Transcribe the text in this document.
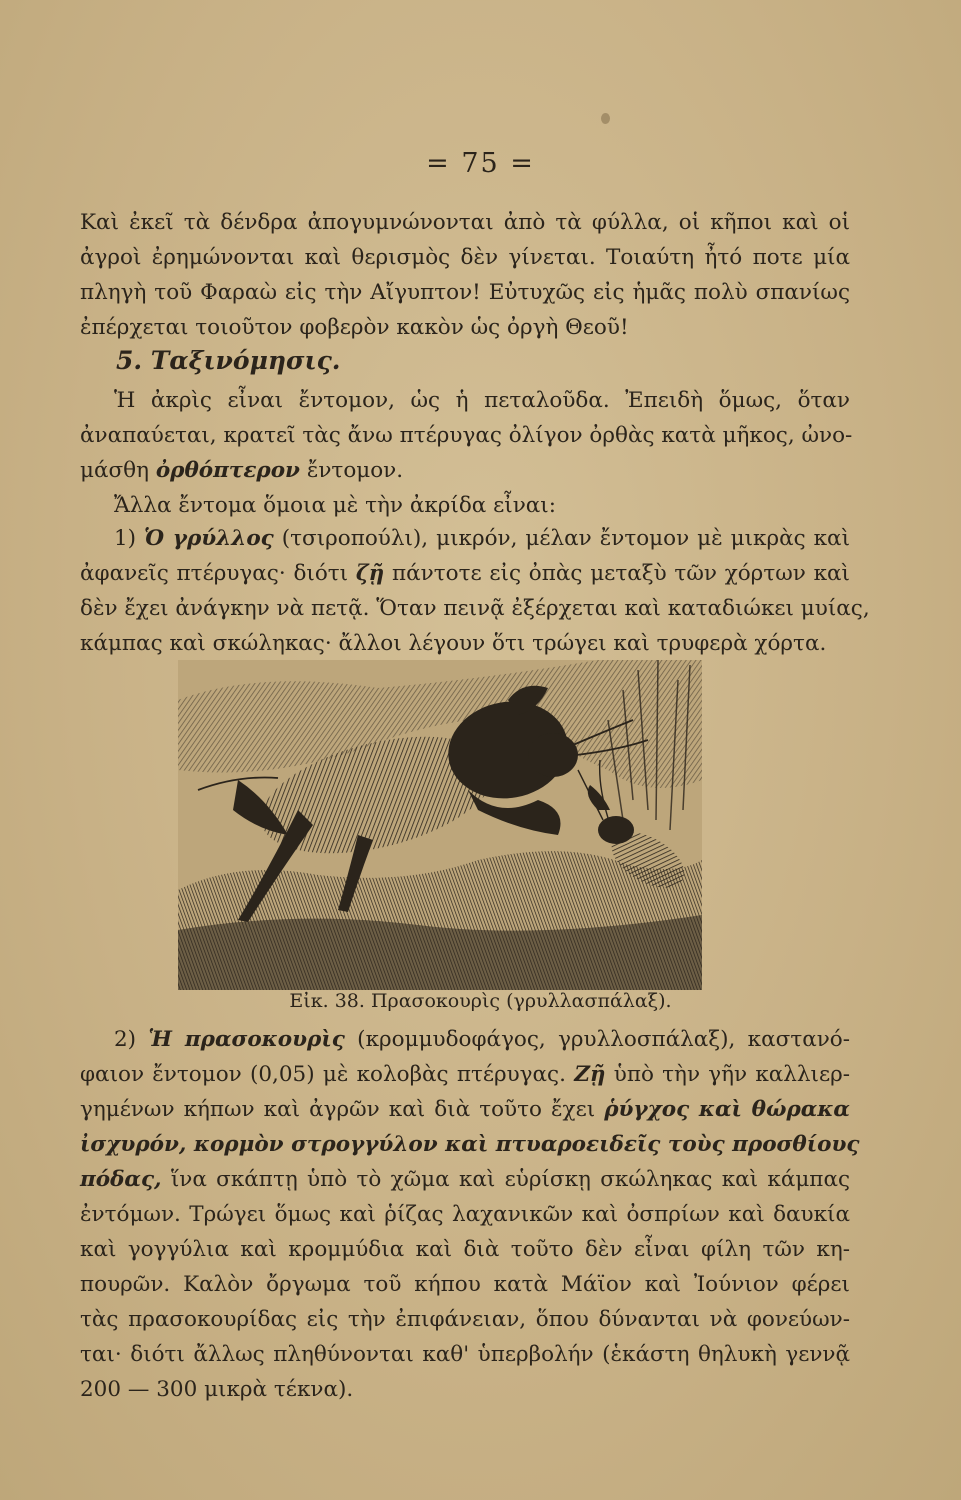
= 75 =
Καὶ ἐκεῖ τὰ δένδρα ἀπογυμνώνονται ἀπὸ τὰ φύλλα, οἱ κῆποι καὶ οἱ
ἀγροὶ ἐρημώνονται καὶ θερισμὸς δὲν γίνεται. Τοιαύτη ἦτό ποτε μία
πληγὴ τοῦ Φαραὼ εἰς τὴν Αἴγυπτον! Εὐτυχῶς εἰς ἡμᾶς πολὺ σπανίως
ἐπέρχεται τοιοῦτον φοβερὸν κακὸν ὡς ὀργὴ Θεοῦ!
5. Ταξινόμησις.
Ἡ ἀκρὶς εἶναι ἔντομον, ὡς ἡ πεταλοῦδα. Ἐπειδὴ ὅμως, ὅταν
ἀναπαύεται, κρατεῖ τὰς ἄνω πτέρυγας ὀλίγον ὀρθὰς κατὰ μῆκος, ὠνο-
μάσθη ὀρθόπτερον ἔντομον.
Ἄλλα ἔντομα ὅμοια μὲ τὴν ἀκρίδα εἶναι:
1) Ὁ γρύλλος (τσιροπούλι), μικρόν, μέλαν ἔντομον μὲ μικρὰς καὶ
ἀφανεῖς πτέρυγας· διότι ζῇ πάντοτε εἰς ὀπὰς μεταξὺ τῶν χόρτων καὶ
δὲν ἔχει ἀνάγκην νὰ πετᾷ. Ὅταν πεινᾷ ἐξέρχεται καὶ καταδιώκει μυίας,
κάμπας καὶ σκώληκας· ἄλλοι λέγουν ὅτι τρώγει καὶ τρυφερὰ χόρτα.
Εἰκ. 38. Πρασοκουρὶς (γρυλλασπάλαξ).
2) Ἡ πρασοκουρὶς (κρομμυδοφάγος, γρυλλοσπάλαξ), καστανό-
φαιον ἔντομον (0,05) μὲ κολοβὰς πτέρυγας. Ζῇ ὑπὸ τὴν γῆν καλλιερ-
γημένων κήπων καὶ ἀγρῶν καὶ διὰ τοῦτο ἔχει ῥύγχος καὶ θώρακα
ἰσχυρόν, κορμὸν στρογγύλον καὶ πτυαροειδεῖς τοὺς προσθίους
πόδας, ἵνα σκάπτῃ ὑπὸ τὸ χῶμα καὶ εὑρίσκῃ σκώληκας καὶ κάμπας
ἐντόμων. Τρώγει ὅμως καὶ ῥίζας λαχανικῶν καὶ ὀσπρίων καὶ δαυκία
καὶ γογγύλια καὶ κρομμύδια καὶ διὰ τοῦτο δὲν εἶναι φίλη τῶν κη-
πουρῶν. Καλὸν ὄργωμα τοῦ κήπου κατὰ Μάϊον καὶ Ἰούνιον φέρει
τὰς πρασοκουρίδας εἰς τὴν ἐπιφάνειαν, ὅπου δύνανται νὰ φονεύων-
ται· διότι ἄλλως πληθύνονται καθ' ὑπερβολήν (ἑκάστη θηλυκὴ γεννᾷ
200 — 300 μικρὰ τέκνα).
